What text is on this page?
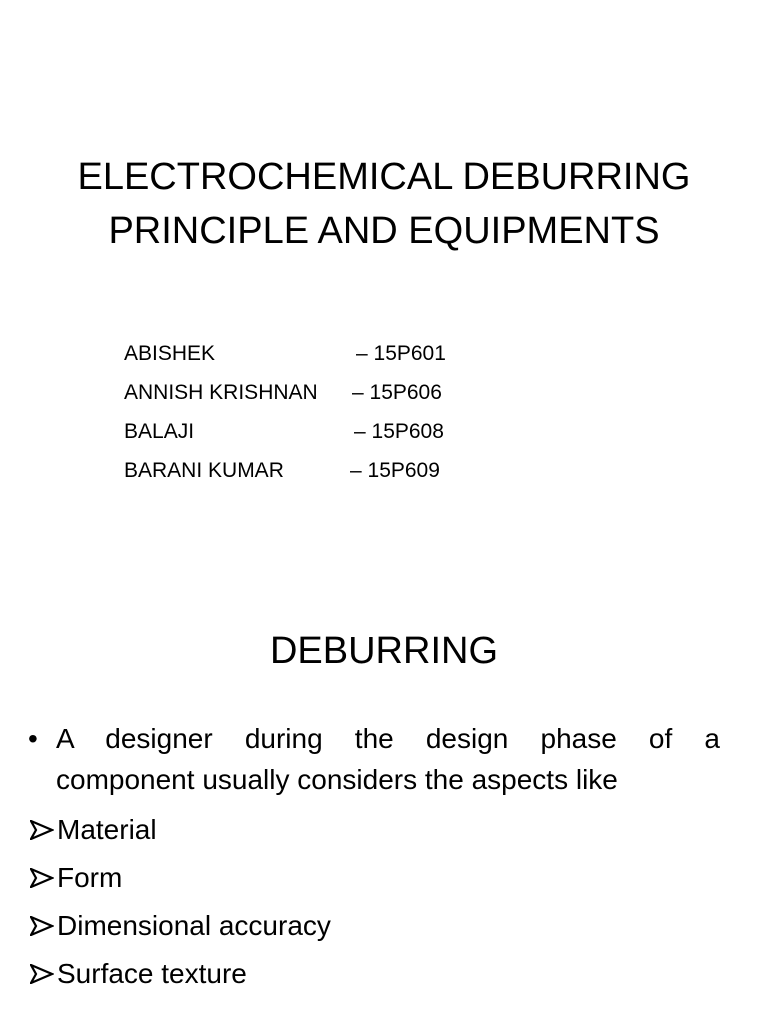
ELECTROCHEMICAL DEBURRING
PRINCIPLE AND EQUIPMENTS
ABISHEK	– 15P601
ANNISH KRISHNAN	– 15P606
BALAJI	– 15P608
BARANI KUMAR	– 15P609
DEBURRING
• A designer during the design phase of a
component usually considers the aspects like
Material
Form
Dimensional accuracy
Surface texture
